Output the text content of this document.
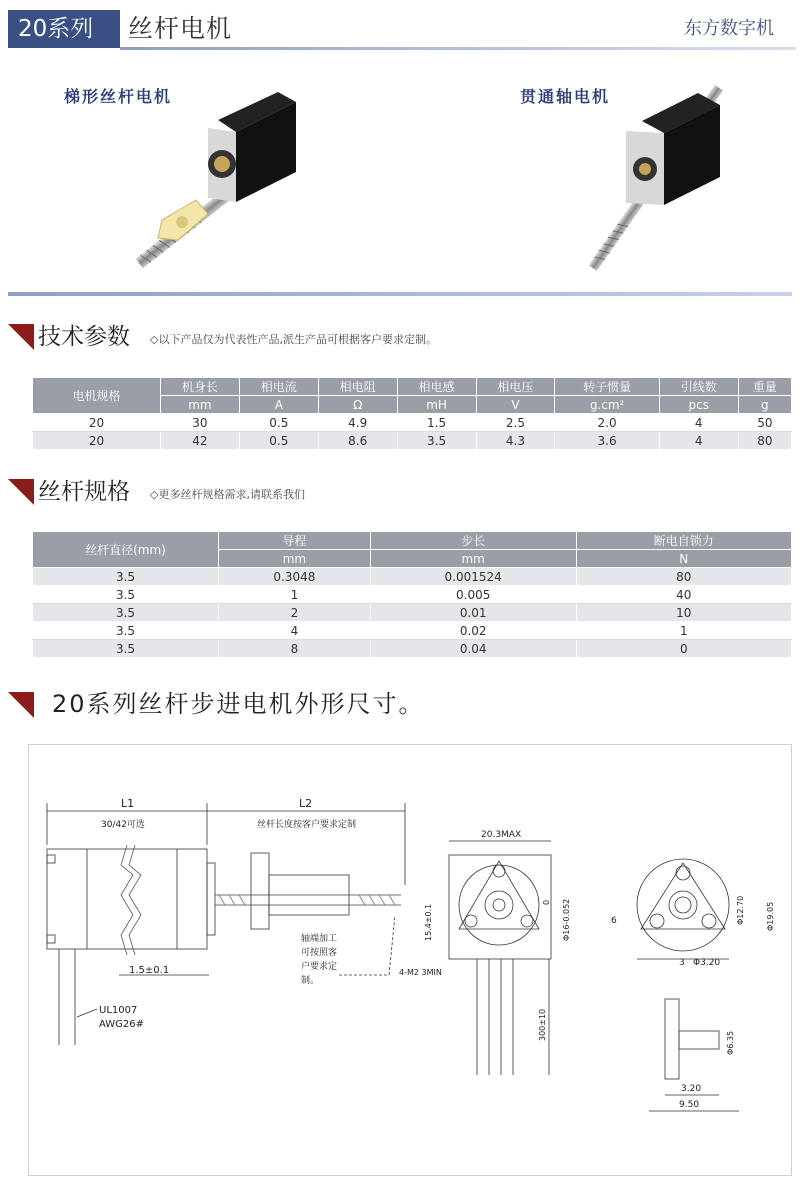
20系列	丝杆电机	东方数字机
梯形丝杆电机	贯通轴电机
技术参数 ◇以下产品仅为代表性产品,派生产品可根据客户要求定制。
电机规格	机身长	相电流	相电阻	相电感	相电压	转子惯量	引线数	重量
	mm	A	Ω	mH	V	g.cm²	pcs	g
20	30	0.5	4.9	1.5	2.5	2.0	4	50
20	42	0.5	8.6	3.5	4.3	3.6	4	80
丝杆规格 ◇更多丝杆规格需求,请联系我们
丝杆直径(mm)	导程	步长	断电自锁力
	mm	mm	N
3.5	0.3048	0.001524	80
3.5	1	0.005	40
3.5	2	0.01	10
3.5	4	0.02	1
3.5	8	0.04	0
20系列丝杆步进电机外形尺寸。
L1	L2
30/42可选	丝杆长度按客户要求定制
1.5±0.1
轴端加工
可按照客
户要求定
制。
UL1007
AWG26#
20.3MAX
15.4±0.1	Φ16-0.052
0
4-M2 3MIN
300±10
Φ12.70	Φ19.05
6
3 Φ3.20
Φ6.35
3.20
9.50
